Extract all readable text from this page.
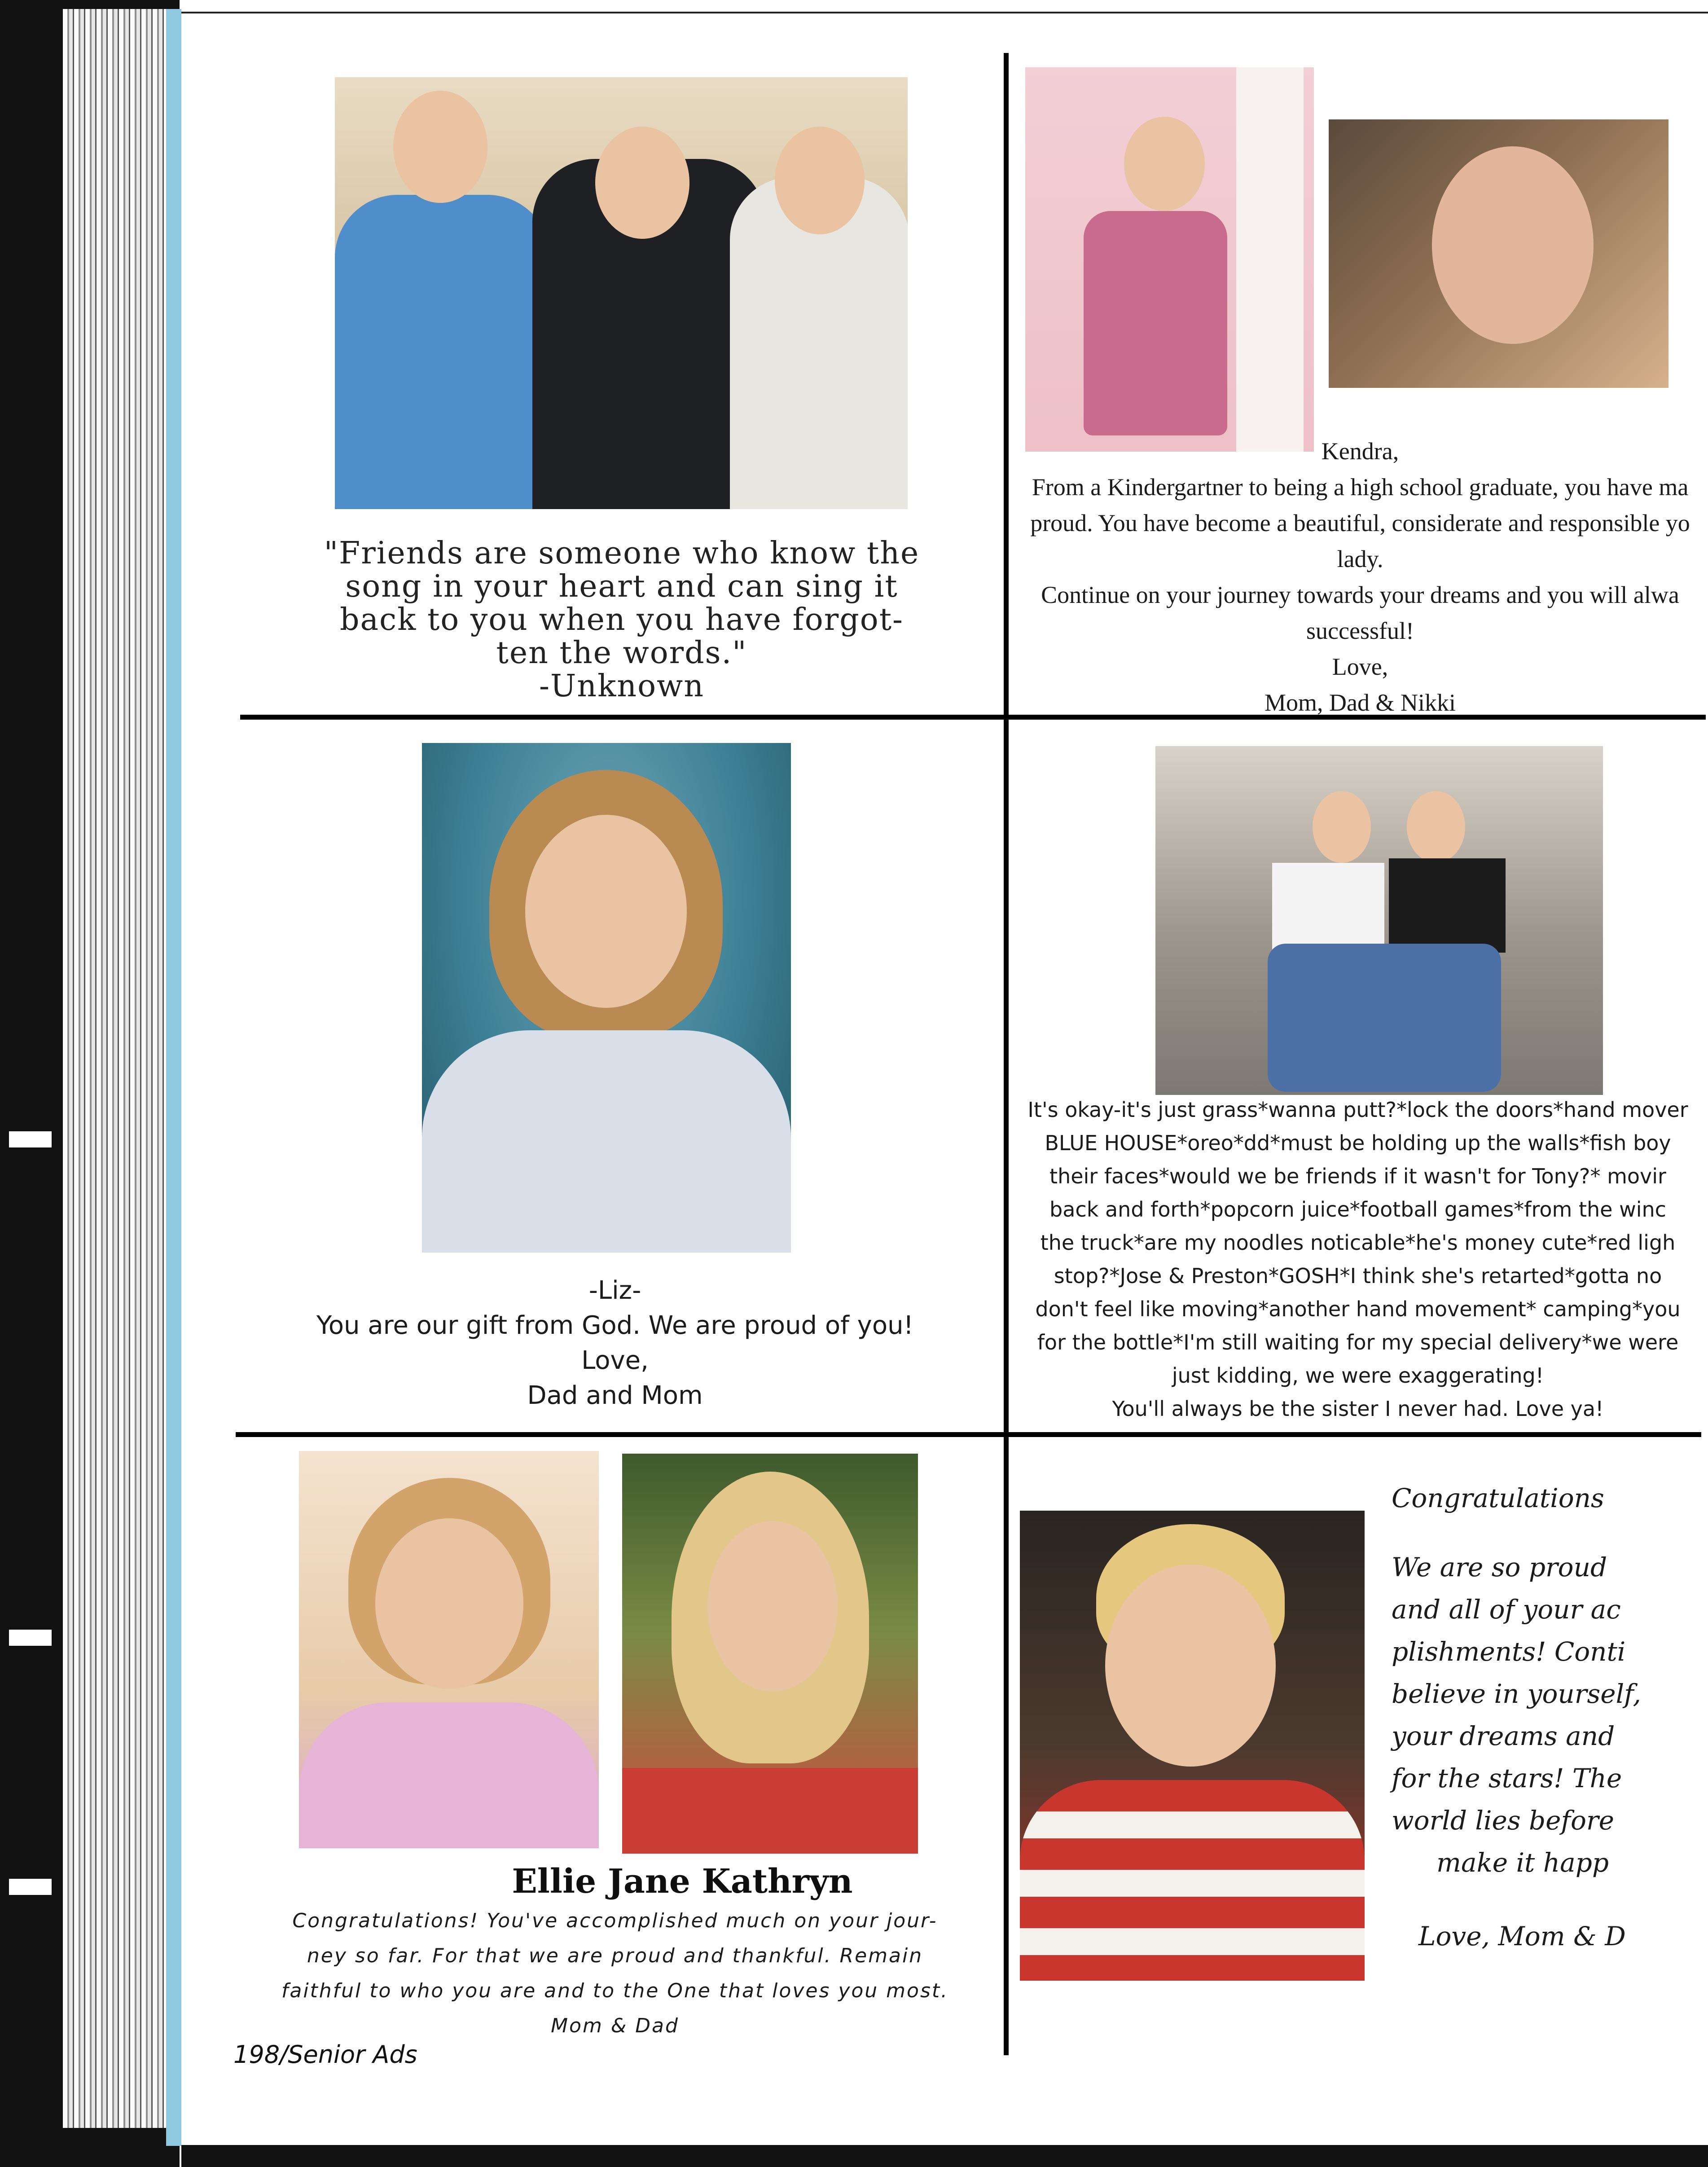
"Friends are someone who know the
song in your heart and can sing it
back to you when you have forgot-
ten the words."
-Unknown
Kendra,
From a Kindergartner to being a high school graduate, you have ma
proud. You have become a beautiful, considerate and responsible yo
lady.
Continue on your journey towards your dreams and you will alwa
successful!
Love,
Mom, Dad & Nikki
-Liz-
You are our gift from God. We are proud of you!
Love,
Dad and Mom
It's okay-it's just grass*wanna putt?*lock the doors*hand mover
BLUE HOUSE*oreo*dd*must be holding up the walls*fish boy
their faces*would we be friends if it wasn't for Tony?* movir
back and forth*popcorn juice*football games*from the winc
the truck*are my noodles noticable*he's money cute*red ligh
stop?*Jose & Preston*GOSH*I think she's retarted*gotta no
don't feel like moving*another hand movement* camping*you
for the bottle*I'm still waiting for my special delivery*we were
just kidding, we were exaggerating!
You'll always be the sister I never had. Love ya!
Ellie Jane Kathryn
Congratulations! You've accomplished much on your jour-
ney so far. For that we are proud and thankful. Remain
faithful to who you are and to the One that loves you most.
Mom & Dad
Congratulations
We are so proud
and all of your ac
plishments! Conti
believe in yourself,
your dreams and
for the stars! The
world lies before
make it happ
Love, Mom & D
198/Senior Ads
